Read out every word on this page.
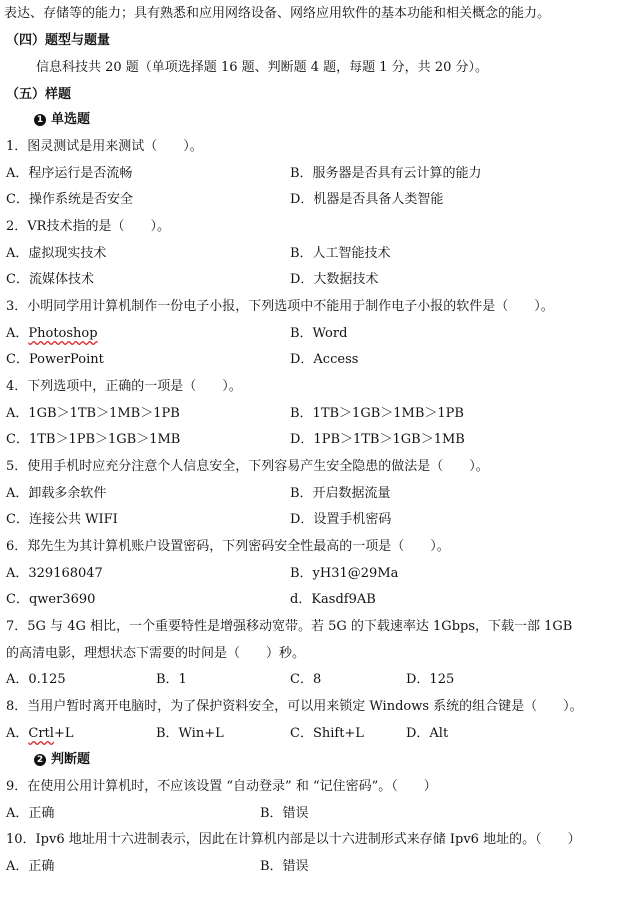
表达、存储等的能力；具有熟悉和应用网络设备、网络应用软件的基本功能和相关概念的能力。
（四）题型与题量
信息科技共 20 题（单项选择题 16 题、判断题 4 题，每题 1 分，共 20 分）。
（五）样题
1 单选题
1．图灵测试是用来测试（　　）。
A．程序运行是否流畅	B．服务器是否具有云计算的能力
C．操作系统是否安全	D．机器是否具备人类智能
2．VR技术指的是（　　）。
A．虚拟现实技术	B．人工智能技术
C．流媒体技术	D．大数据技术
3．小明同学用计算机制作一份电子小报，下列选项中不能用于制作电子小报的软件是（　　）。
A．Photoshop	B．Word
C．PowerPoint	D．Access
4．下列选项中，正确的一项是（　　）。
A．1GB＞1TB＞1MB＞1PB	B．1TB＞1GB＞1MB＞1PB
C．1TB＞1PB＞1GB＞1MB	D．1PB＞1TB＞1GB＞1MB
5．使用手机时应充分注意个人信息安全，下列容易产生安全隐患的做法是（　　）。
A．卸载多余软件	B．开启数据流量
C．连接公共 WIFI	D．设置手机密码
6．郑先生为其计算机账户设置密码，下列密码安全性最高的一项是（　　）。
A．329168047	B．yH31@29Ma
C．qwer3690	d．Kasdf9AB
7．5G 与 4G 相比，一个重要特性是增强移动宽带。若 5G 的下载速率达 1Gbps，下载一部 1GB
的高清电影，理想状态下需要的时间是（　　）秒。
A．0.125	B．1	C．8	D．125
8．当用户暂时离开电脑时，为了保护资料安全，可以用来锁定 Windows 系统的组合键是（　　）。
A．Crtl+L	B．Win+L	C．Shift+L	D．Alt
2 判断题
9．在使用公用计算机时，不应该设置 “自动登录” 和 “记住密码”。（　　）
A．正确	B．错误
10．Ipv6 地址用十六进制表示，因此在计算机内部是以十六进制形式来存储 Ipv6 地址的。（　　）
A．正确	B．错误
